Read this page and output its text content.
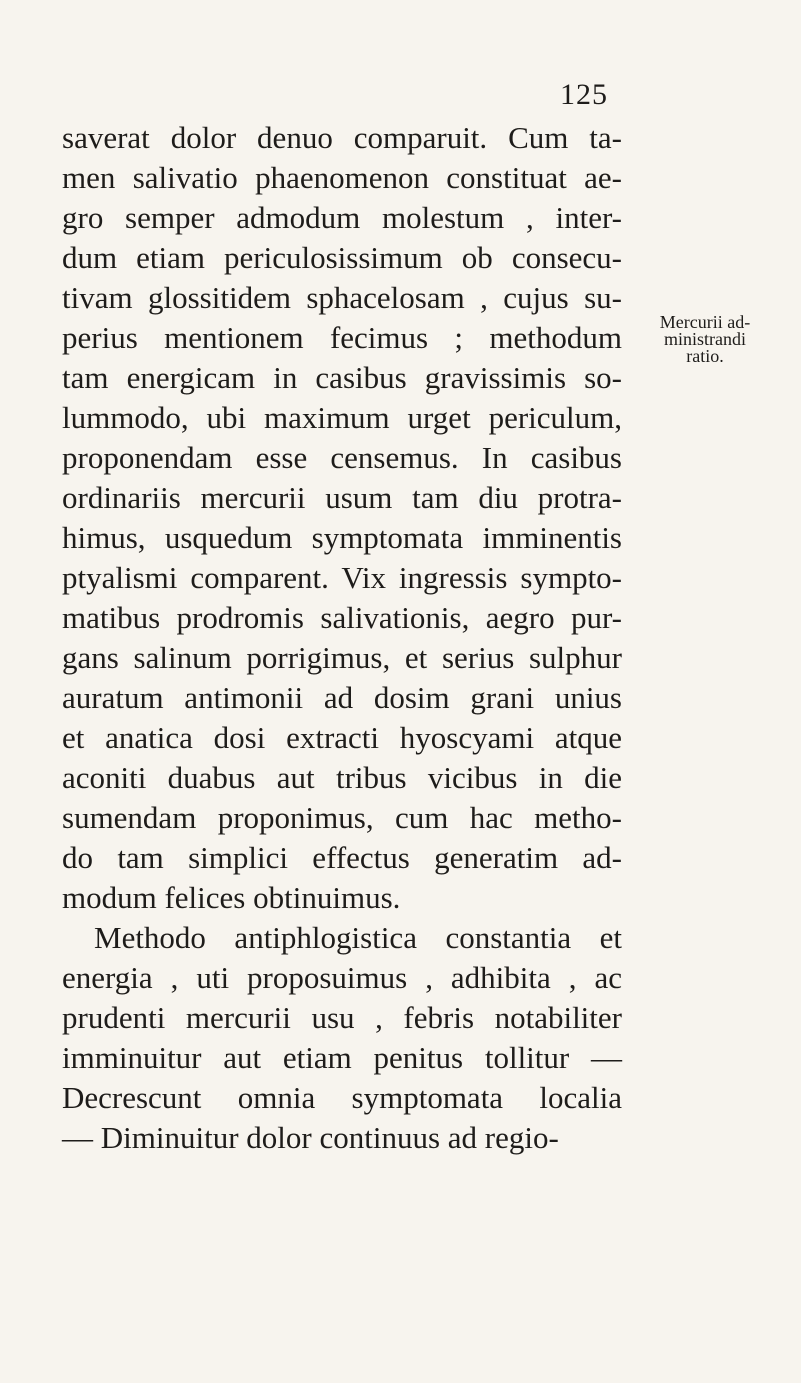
125
saverat dolor denuo comparuit. Cum ta-
men salivatio phaenomenon constituat ae-
gro semper admodum molestum , inter-
dum etiam periculosissimum ob consecu-
tivam glossitidem sphacelosam , cujus su-
perius mentionem fecimus ; methodum
tam energicam in casibus gravissimis so-
lummodo, ubi maximum urget periculum,
proponendam esse censemus. In casibus
ordinariis mercurii usum tam diu protra-
himus, usquedum symptomata imminentis
ptyalismi comparent. Vix ingressis sympto-
matibus prodromis salivationis, aegro pur-
gans salinum porrigimus, et serius sulphur
auratum antimonii ad dosim grani unius
et anatica dosi extracti hyoscyami atque
aconiti duabus aut tribus vicibus in die
sumendam proponimus, cum hac metho-
do tam simplici effectus generatim ad-
modum felices obtinuimus.
Methodo antiphlogistica constantia et
energia , uti proposuimus , adhibita , ac
prudenti mercurii usu , febris notabiliter
imminuitur aut etiam penitus tollitur —
Decrescunt omnia symptomata localia
— Diminuitur dolor continuus ad regio-
Mercurii ad-
ministrandi
ratio.
